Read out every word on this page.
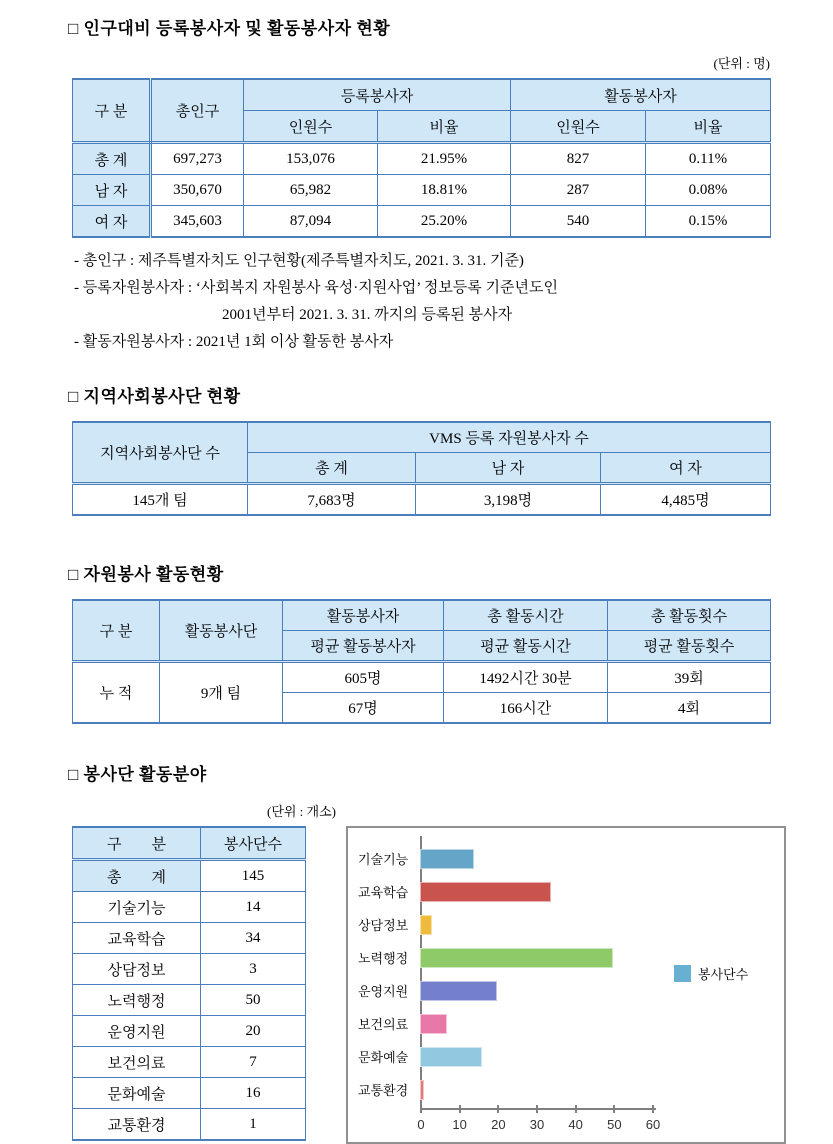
□ 인구대비 등록봉사자 및 활동봉사자 현황
(단위 : 명)
구 분	총인구	등록봉사자		활동봉사자	
		인원수	비율	인원수	비율
총 계	697,273	153,076	21.95%	827	0.11%
남 자	350,670	65,982	18.81%	287	0.08%
여 자	345,603	87,094	25.20%	540	0.15%
- 총인구 : 제주특별자치도 인구현황(제주특별자치도, 2021. 3. 31. 기준)
- 등록자원봉사자 : ‘사회복지 자원봉사 육성·지원사업’ 정보등록 기준년도인
2001년부터 2021. 3. 31. 까지의 등록된 봉사자
- 활동자원봉사자 : 2021년 1회 이상 활동한 봉사자
□ 지역사회봉사단 현황
지역사회봉사단 수	VMS 등록 자원봉사자 수		
	총 계	남 자	여 자
145개 팀	7,683명	3,198명	4,485명
□ 자원봉사 활동현황
구 분	활동봉사단	활동봉사자	총 활동시간	총 활동횟수
		평균 활동봉사자	평균 활동시간	평균 활동횟수
누 적	9개 팀	605명	1492시간 30분	39회
		67명	166시간	4회
□ 봉사단 활동분야
(단위 : 개소)
구　　분	봉사단수
총　　계	145
기술기능	14
교육학습	34
상담정보	3
노력행정	50
운영지원	20
보건의료	7
문화예술	16
교통환경	1
기술기능
교육학습
상담정보
노력행정
운영지원
보건의료
문화예술
교통환경
0 10 20 30 40 50 60
봉사단수
